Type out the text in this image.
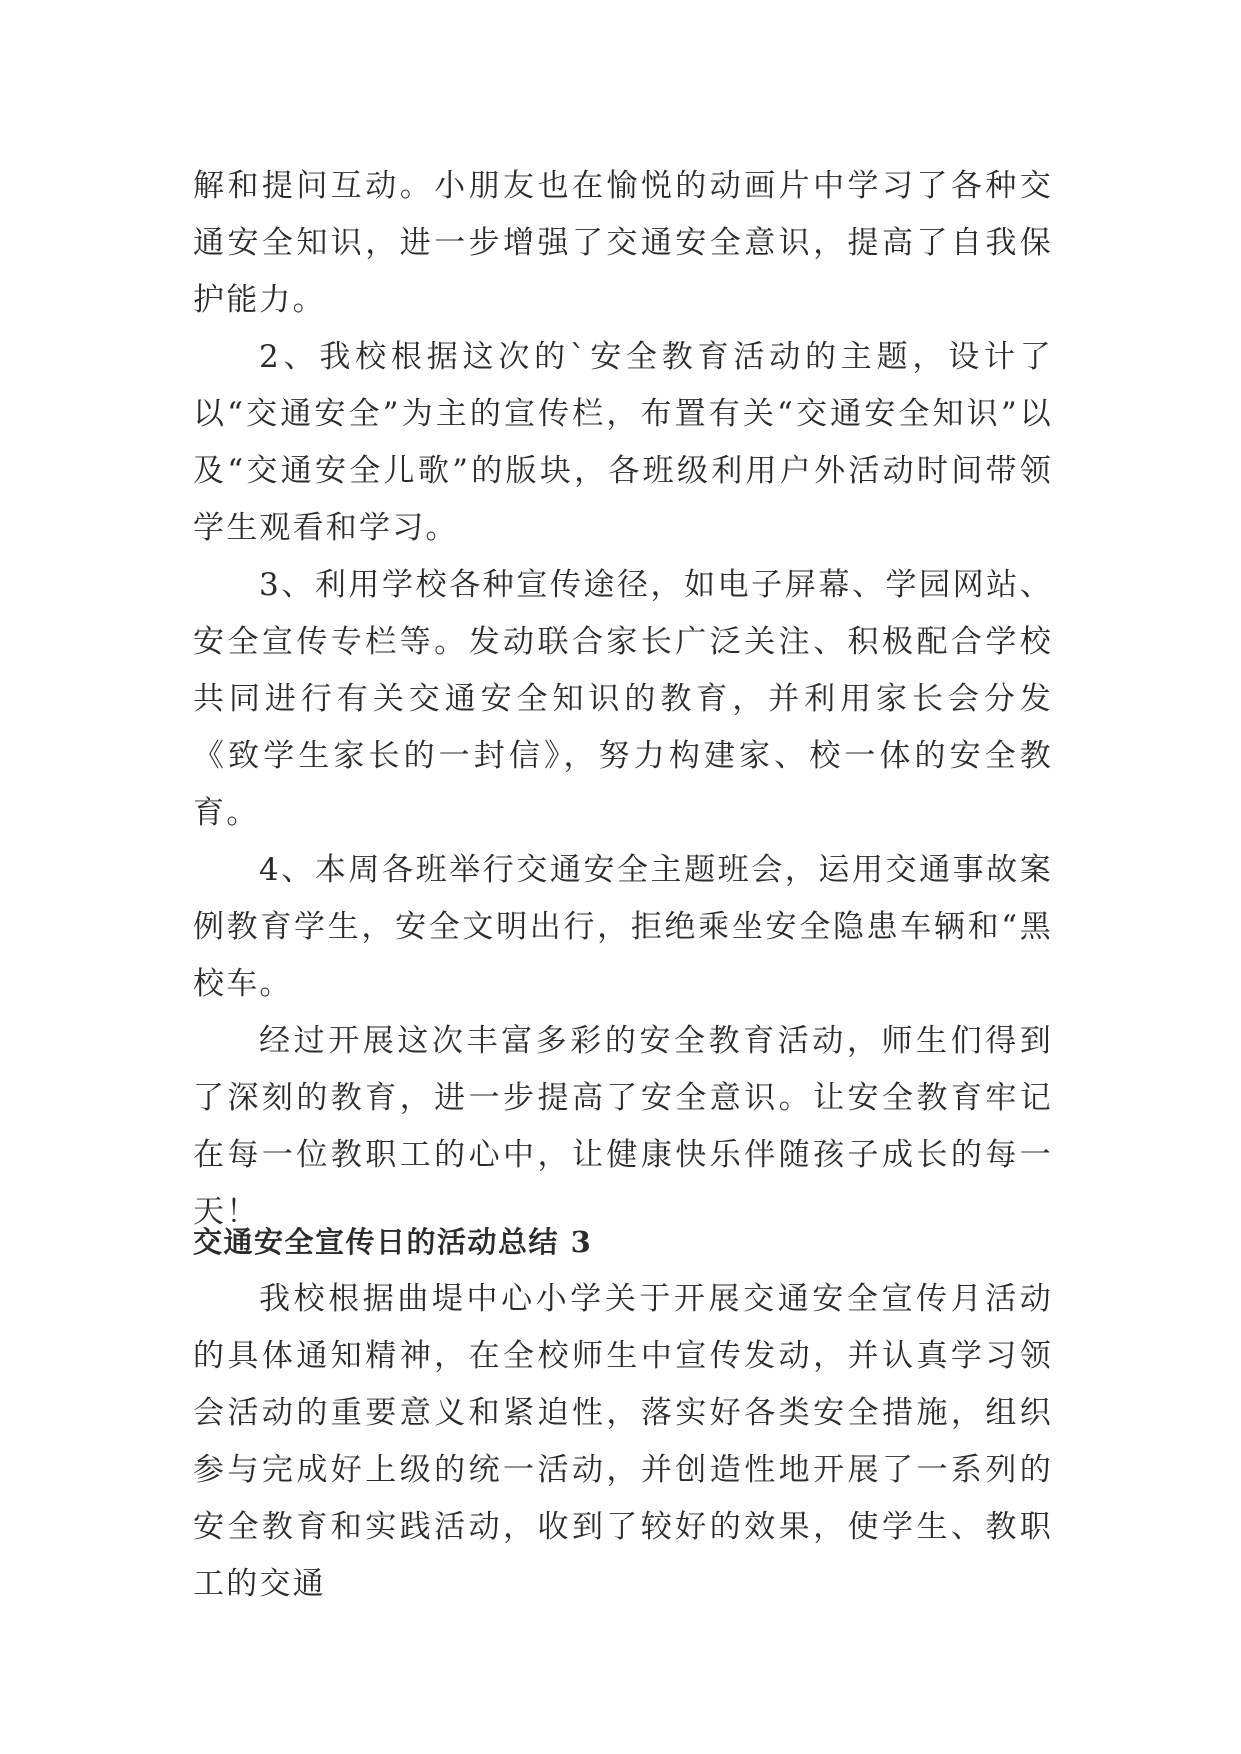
解和提问互动。小朋友也在愉悦的动画片中学习了各种交通安全知识，进一步增强了交通安全意识，提高了自我保护能力。

2、我校根据这次的`安全教育活动的主题，设计了以“交通安全”为主的宣传栏，布置有关“交通安全知识”以及“交通安全儿歌”的版块，各班级利用户外活动时间带领学生观看和学习。

3、利用学校各种宣传途径，如电子屏幕、学园网站、安全宣传专栏等。发动联合家长广泛关注、积极配合学校共同进行有关交通安全知识的教育，并利用家长会分发《致学生家长的一封信》，努力构建家、校一体的安全教育。

4、本周各班举行交通安全主题班会，运用交通事故案例教育学生，安全文明出行，拒绝乘坐安全隐患车辆和“黑校车。

经过开展这次丰富多彩的安全教育活动，师生们得到了深刻的教育，进一步提高了安全意识。让安全教育牢记在每一位教职工的心中，让健康快乐伴随孩子成长的每一天！

交通安全宣传日的活动总结 3

我校根据曲堤中心小学关于开展交通安全宣传月活动的具体通知精神，在全校师生中宣传发动，并认真学习领会活动的重要意义和紧迫性，落实好各类安全措施，组织参与完成好上级的统一活动，并创造性地开展了一系列的安全教育和实践活动，收到了较好的效果，使学生、教职工的交通
